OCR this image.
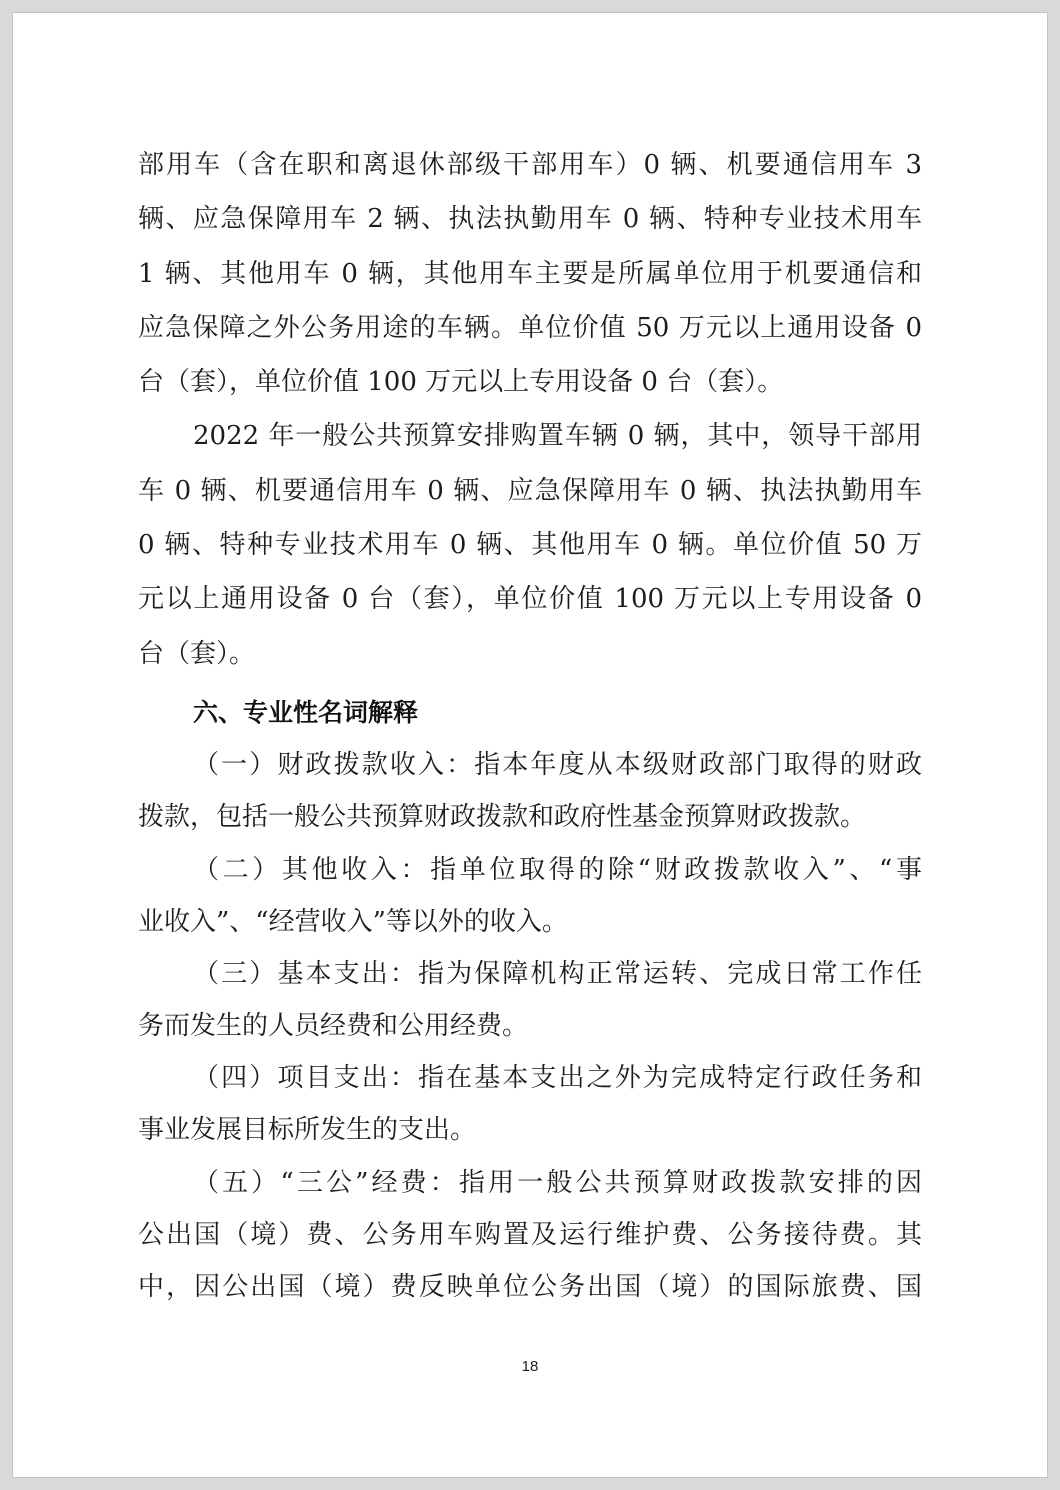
部用车（含在职和离退休部级干部用车）0 辆、机要通信用车 3
辆、应急保障用车 2 辆、执法执勤用车 0 辆、特种专业技术用车
1 辆、其他用车 0 辆，其他用车主要是所属单位用于机要通信和
应急保障之外公务用途的车辆。单位价值 50 万元以上通用设备 0
台（套），单位价值 100 万元以上专用设备 0 台（套）。
2022 年一般公共预算安排购置车辆 0 辆，其中，领导干部用
车 0 辆、机要通信用车 0 辆、应急保障用车 0 辆、执法执勤用车
0 辆、特种专业技术用车 0 辆、其他用车 0 辆。单位价值 50 万
元以上通用设备 0 台（套），单位价值 100 万元以上专用设备 0
台（套）。
六、专业性名词解释
（一）财政拨款收入：指本年度从本级财政部门取得的财政
拨款，包括一般公共预算财政拨款和政府性基金预算财政拨款。
（二）其他收入：指单位取得的除“财政拨款收入”、“事
业收入”、“经营收入”等以外的收入。
（三）基本支出：指为保障机构正常运转、完成日常工作任
务而发生的人员经费和公用经费。
（四）项目支出：指在基本支出之外为完成特定行政任务和
事业发展目标所发生的支出。
（五）“三公”经费：指用一般公共预算财政拨款安排的因
公出国（境）费、公务用车购置及运行维护费、公务接待费。其
中，因公出国（境）费反映单位公务出国（境）的国际旅费、国
18
